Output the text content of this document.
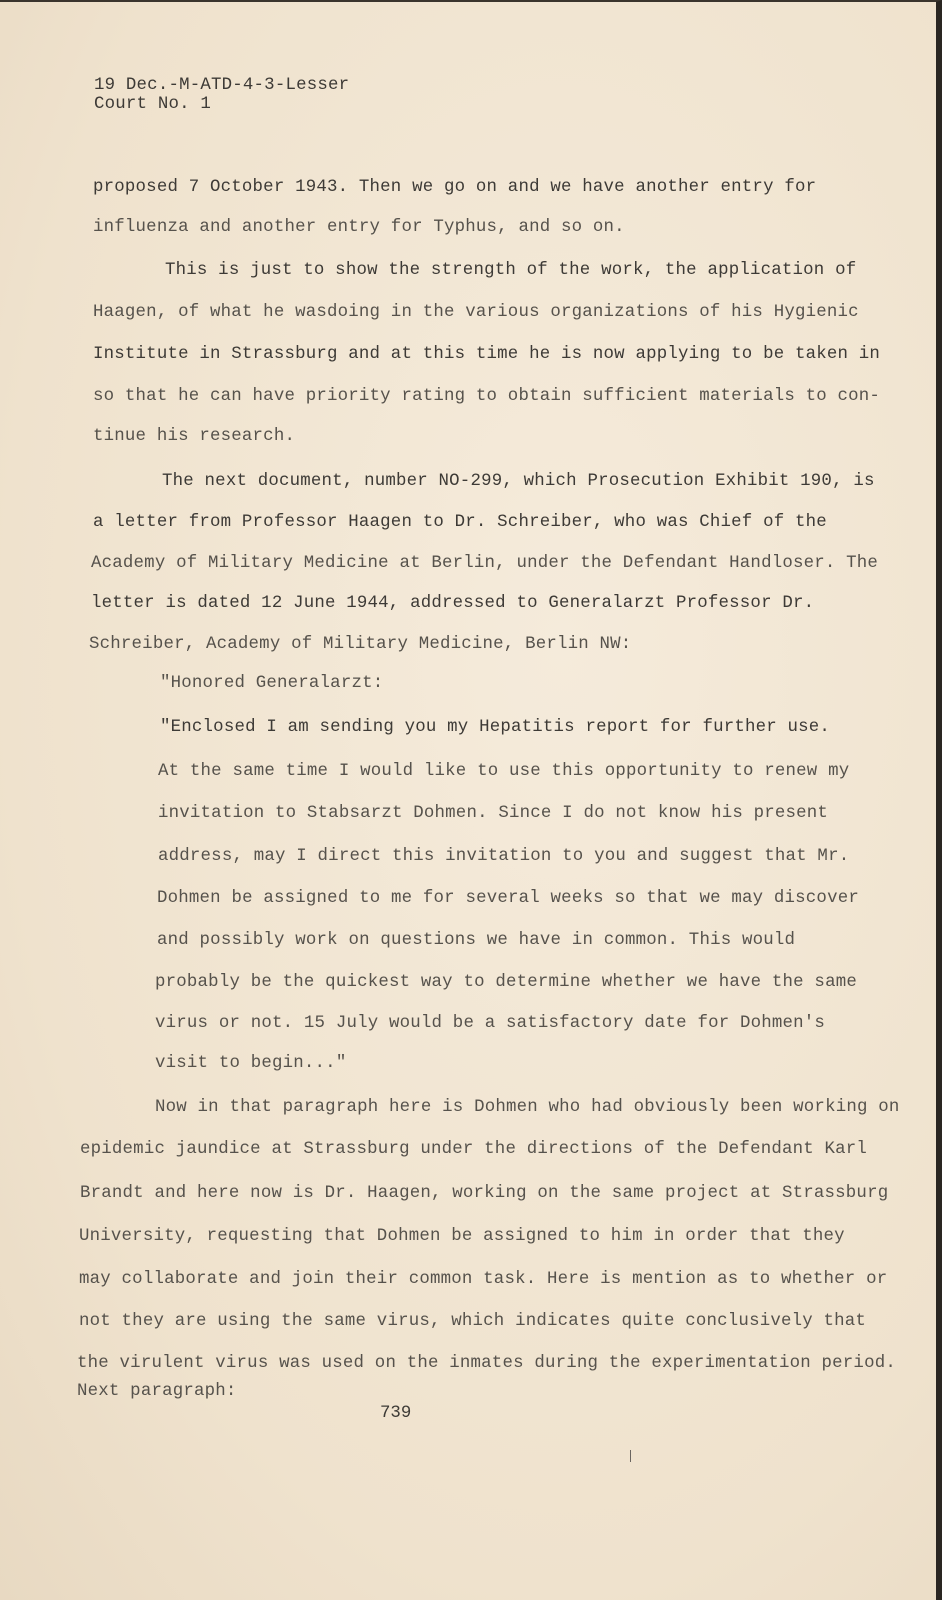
19 Dec.-M-ATD-4-3-Lesser
Court No. 1
proposed 7 October 1943. Then we go on and we have another entry for
influenza and another entry for Typhus, and so on.
This is just to show the strength of the work, the application of
Haagen, of what he wasdoing in the various organizations of his Hygienic
Institute in Strassburg and at this time he is now applying to be taken in
so that he can have priority rating to obtain sufficient materials to con-
tinue his research.
The next document, number NO-299, which Prosecution Exhibit 190, is
a letter from Professor Haagen to Dr. Schreiber, who was Chief of the
Academy of Military Medicine at Berlin, under the Defendant Handloser. The
letter is dated 12 June 1944, addressed to Generalarzt Professor Dr.
Schreiber, Academy of Military Medicine, Berlin NW:
"Honored Generalarzt:
"Enclosed I am sending you my Hepatitis report for further use.
At the same time I would like to use this opportunity to renew my
invitation to Stabsarzt Dohmen. Since I do not know his present
address, may I direct this invitation to you and suggest that Mr.
Dohmen be assigned to me for several weeks so that we may discover
and possibly work on questions we have in common. This would
probably be the quickest way to determine whether we have the same
virus or not. 15 July would be a satisfactory date for Dohmen's
visit to begin..."
Now in that paragraph here is Dohmen who had obviously been working on
epidemic jaundice at Strassburg under the directions of the Defendant Karl
Brandt and here now is Dr. Haagen, working on the same project at Strassburg
University, requesting that Dohmen be assigned to him in order that they
may collaborate and join their common task. Here is mention as to whether or
not they are using the same virus, which indicates quite conclusively that
the virulent virus was used on the inmates during the experimentation period.
Next paragraph:
739
